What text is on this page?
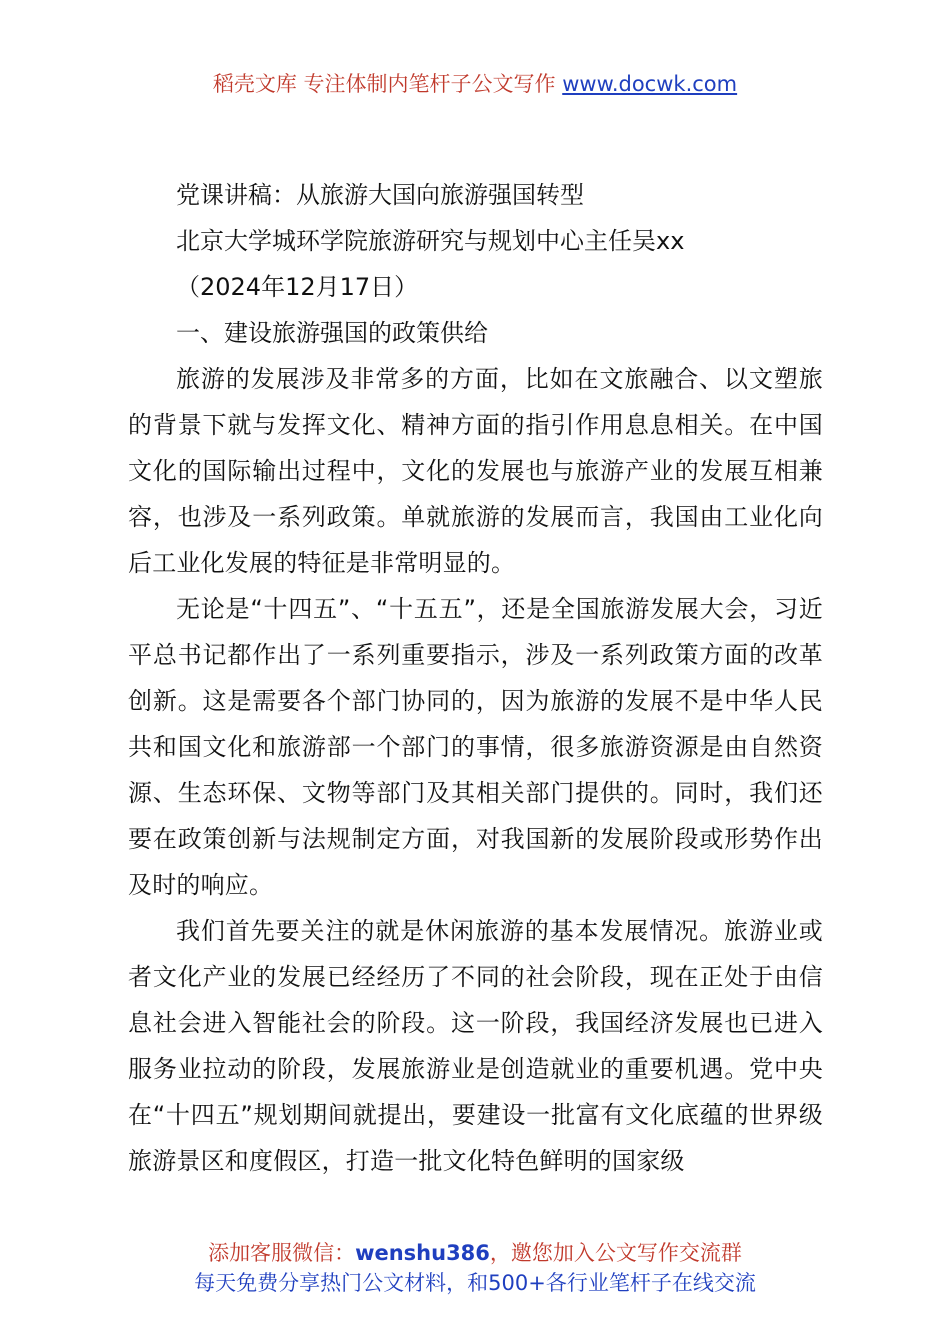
稻壳文库 专注体制内笔杆子公文写作 www.docwk.com

党课讲稿：从旅游大国向旅游强国转型

北京大学城环学院旅游研究与规划中心主任吴xx

（2024年12月17日）

一、建设旅游强国的政策供给

旅游的发展涉及非常多的方面，比如在文旅融合、以文塑旅的背景下就与发挥文化、精神方面的指引作用息息相关。在中国文化的国际输出过程中，文化的发展也与旅游产业的发展互相兼容，也涉及一系列政策。单就旅游的发展而言，我国由工业化向后工业化发展的特征是非常明显的。

无论是“十四五”、“十五五”，还是全国旅游发展大会，习近平总书记都作出了一系列重要指示，涉及一系列政策方面的改革创新。这是需要各个部门协同的，因为旅游的发展不是中华人民共和国文化和旅游部一个部门的事情，很多旅游资源是由自然资源、生态环保、文物等部门及其相关部门提供的。同时，我们还要在政策创新与法规制定方面，对我国新的发展阶段或形势作出及时的响应。

我们首先要关注的就是休闲旅游的基本发展情况。旅游业或者文化产业的发展已经经历了不同的社会阶段，现在正处于由信息社会进入智能社会的阶段。这一阶段，我国经济发展也已进入服务业拉动的阶段，发展旅游业是创造就业的重要机遇。党中央在“十四五”规划期间就提出，要建设一批富有文化底蕴的世界级旅游景区和度假区，打造一批文化特色鲜明的国家级

添加客服微信：wenshu386，邀您加入公文写作交流群
每天免费分享热门公文材料，和500+各行业笔杆子在线交流
